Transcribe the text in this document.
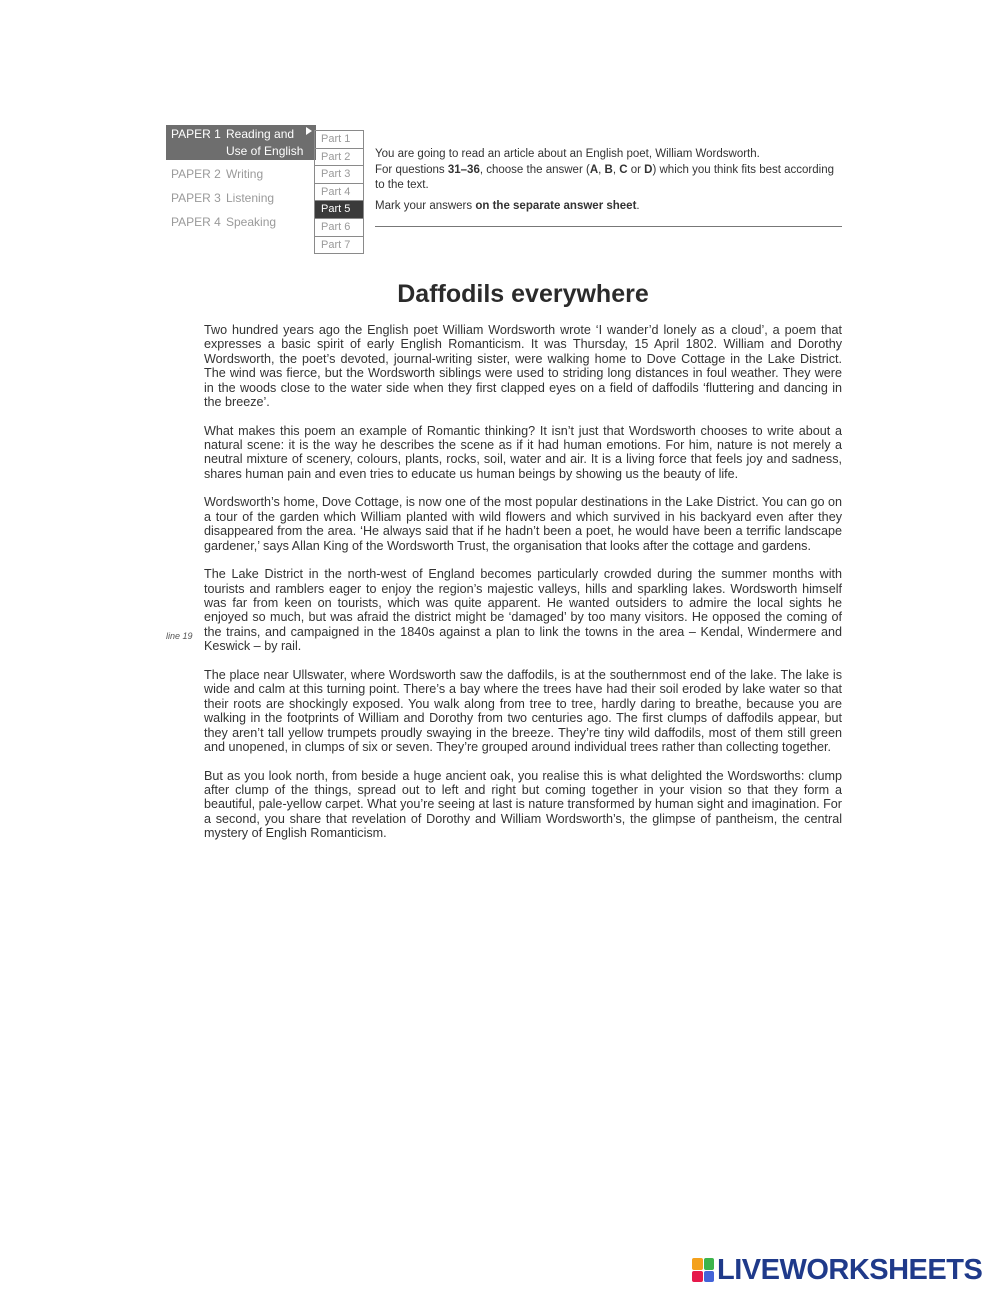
PAPER 1 Reading and Use of English
PAPER 2 Writing
PAPER 3 Listening
PAPER 4 Speaking
Part 1
Part 2
Part 3
Part 4
Part 5
Part 6
Part 7

You are going to read an article about an English poet, William Wordsworth.

For questions 31–36, choose the answer (A, B, C or D) which you think fits best according to the text.

Mark your answers on the separate answer sheet.

Daffodils everywhere
line 19

Two hundred years ago the English poet William Wordsworth wrote ‘I wander’d lonely as a cloud’, a poem that expresses a basic spirit of early English Romanticism. It was Thursday, 15 April 1802. William and Dorothy Wordsworth, the poet’s devoted, journal-writing sister, were walking home to Dove Cottage in the Lake District. The wind was fierce, but the Wordsworth siblings were used to striding long distances in foul weather. They were in the woods close to the water side when they first clapped eyes on a field of daffodils ‘fluttering and dancing in the breeze’.

What makes this poem an example of Romantic thinking? It isn’t just that Wordsworth chooses to write about a natural scene: it is the way he describes the scene as if it had human emotions. For him, nature is not merely a neutral mixture of scenery, colours, plants, rocks, soil, water and air. It is a living force that feels joy and sadness, shares human pain and even tries to educate us human beings by showing us the beauty of life.

Wordsworth’s home, Dove Cottage, is now one of the most popular destinations in the Lake District. You can go on a tour of the garden which William planted with wild flowers and which survived in his backyard even after they disappeared from the area. ‘He always said that if he hadn’t been a poet, he would have been a terrific landscape gardener,’ says Allan King of the Wordsworth Trust, the organisation that looks after the cottage and gardens.

The Lake District in the north-west of England becomes particularly crowded during the summer months with tourists and ramblers eager to enjoy the region’s majestic valleys, hills and sparkling lakes. Wordsworth himself was far from keen on tourists, which was quite apparent. He wanted outsiders to admire the local sights he enjoyed so much, but was afraid the district might be ‘damaged’ by too many visitors. He opposed the coming of the trains, and campaigned in the 1840s against a plan to link the towns in the area – Kendal, Windermere and Keswick – by rail.

The place near Ullswater, where Wordsworth saw the daffodils, is at the southernmost end of the lake. The lake is wide and calm at this turning point. There’s a bay where the trees have had their soil eroded by lake water so that their roots are shockingly exposed. You walk along from tree to tree, hardly daring to breathe, because you are walking in the footprints of William and Dorothy from two centuries ago. The first clumps of daffodils appear, but they aren’t tall yellow trumpets proudly swaying in the breeze. They’re tiny wild daffodils, most of them still green and unopened, in clumps of six or seven. They’re grouped around individual trees rather than collecting together.

But as you look north, from beside a huge ancient oak, you realise this is what delighted the Wordsworths: clump after clump of the things, spread out to left and right but coming together in your vision so that they form a beautiful, pale-yellow carpet. What you’re seeing at last is nature transformed by human sight and imagination. For a second, you share that revelation of Dorothy and William Wordsworth’s, the glimpse of pantheism, the central mystery of English Romanticism.

LIVEWORKSHEETS
